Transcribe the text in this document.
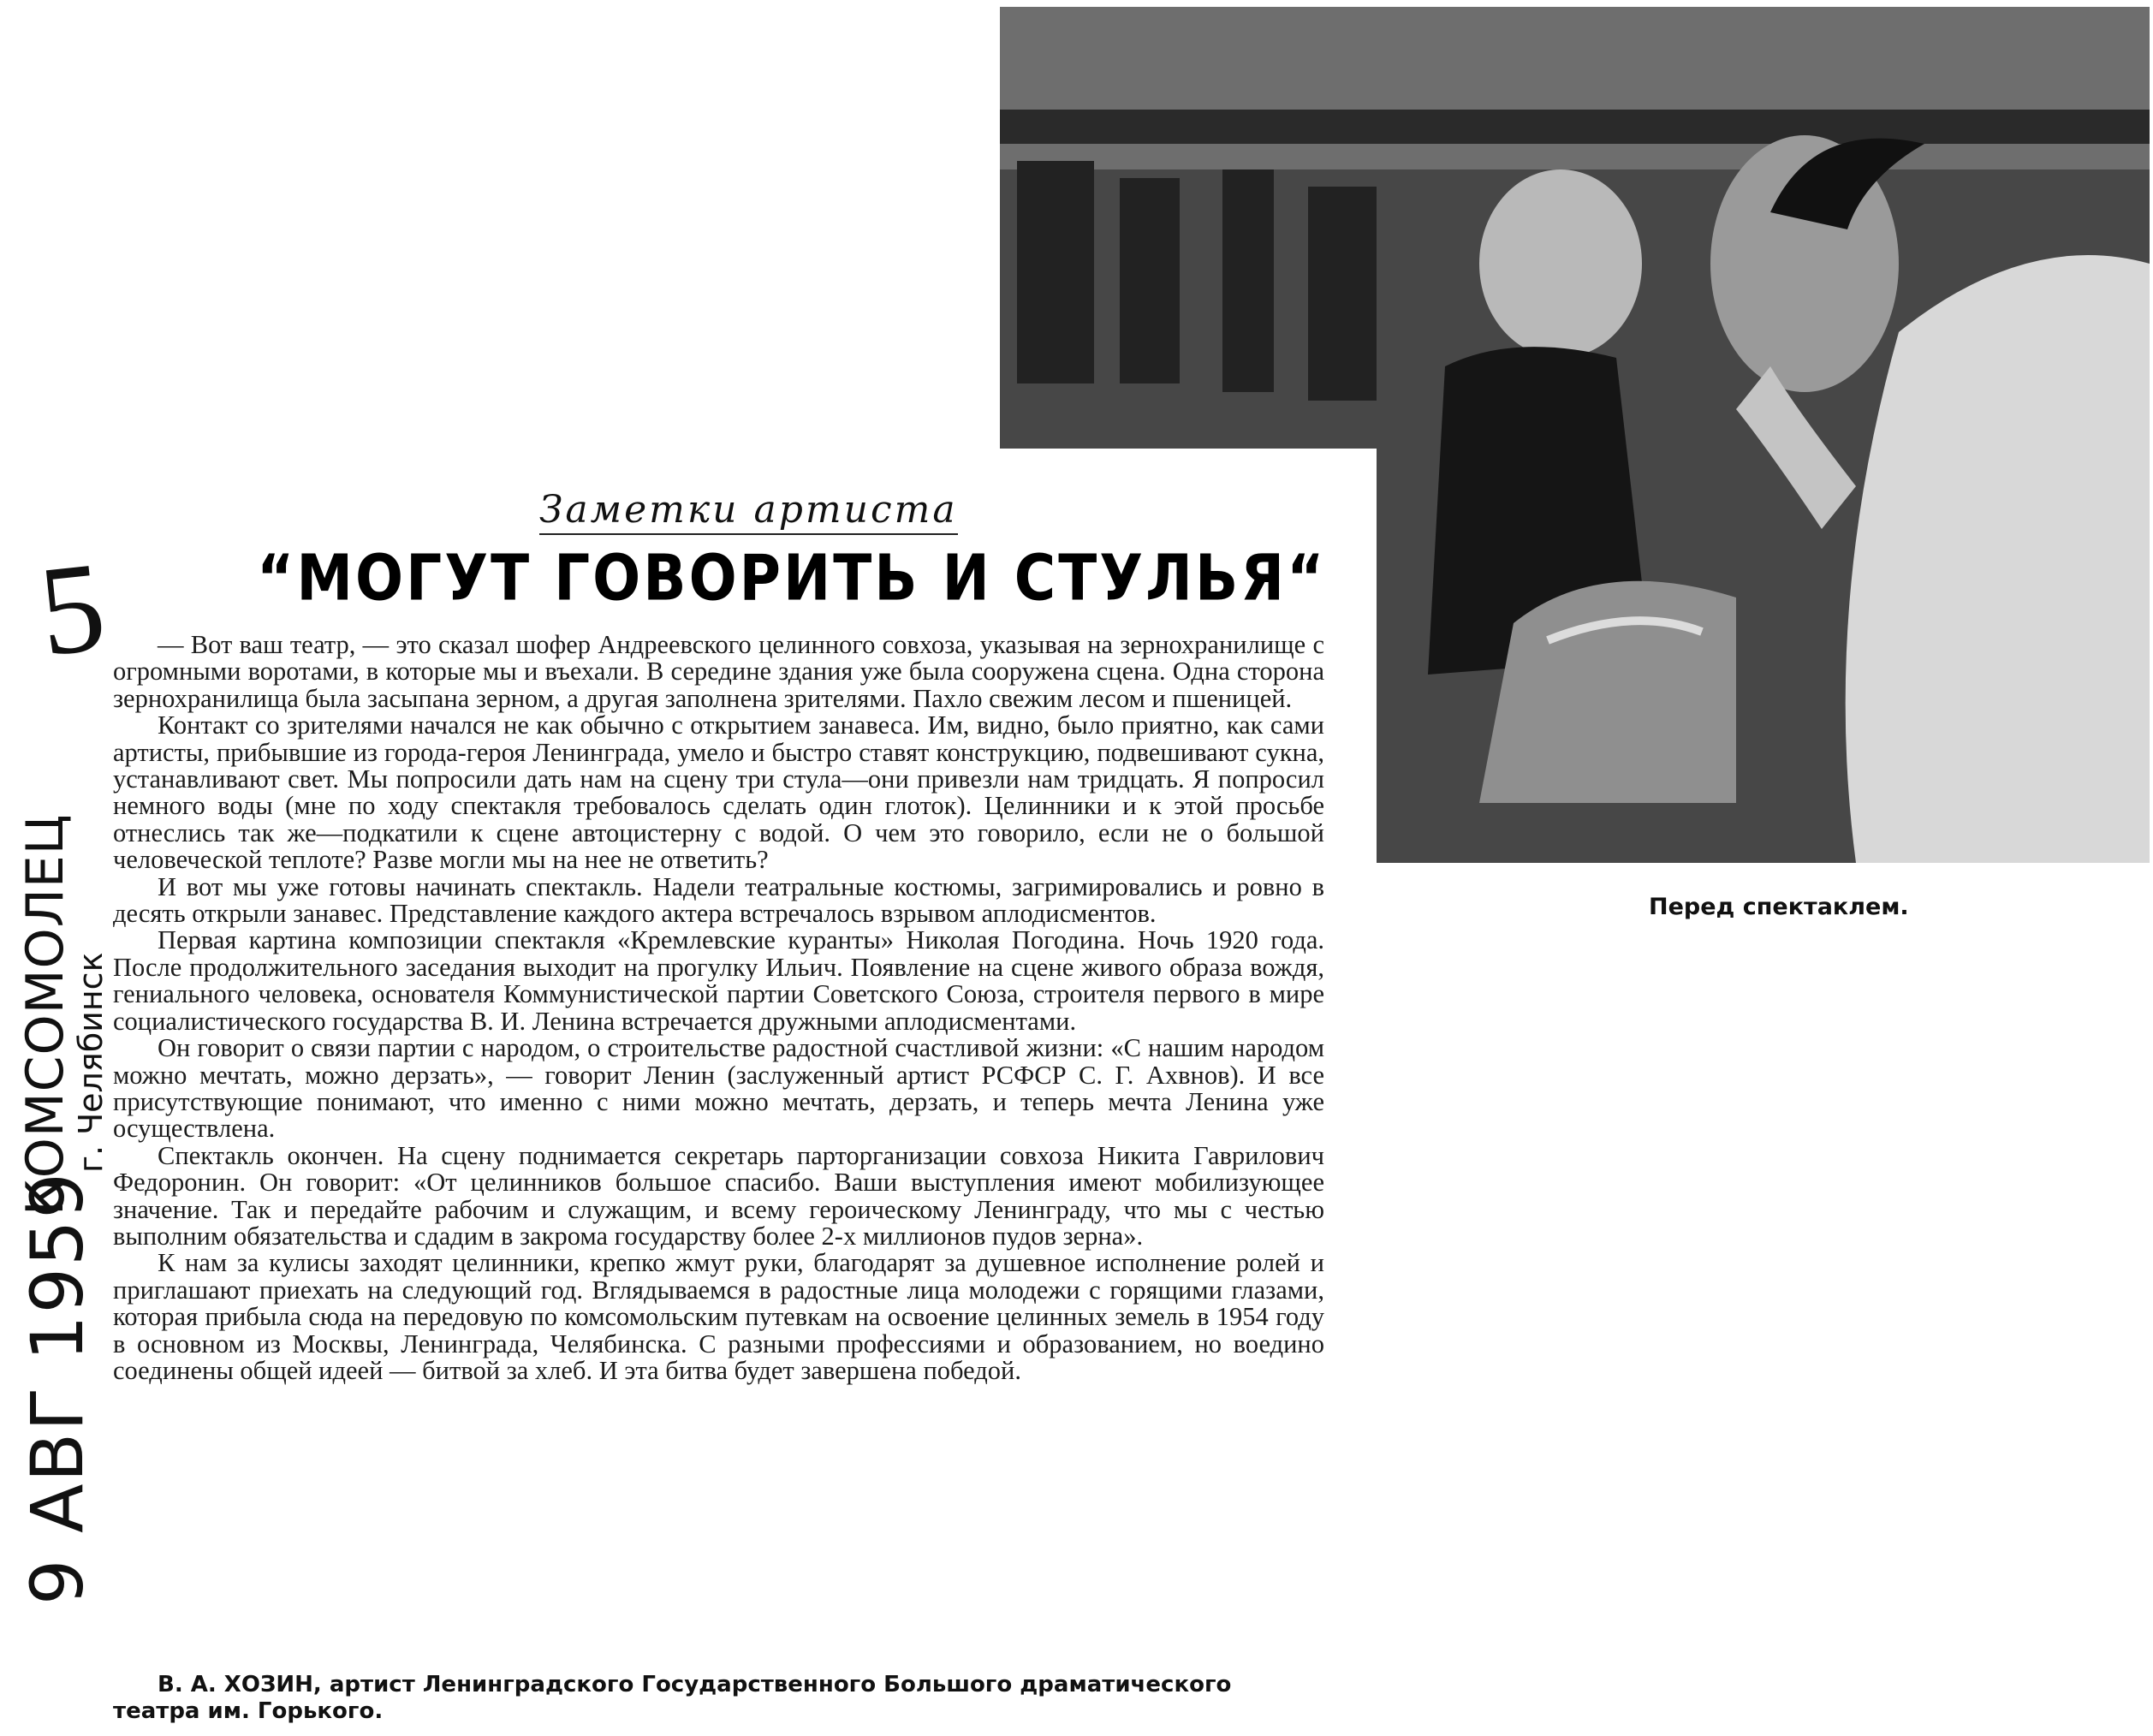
Перед спектаклем.
5
КОМСОМОЛЕЦ
г. Челябинск
9 АВГ 1959
Заметки артиста
“МОГУТ ГОВОРИТЬ И СТУЛЬЯ“

— Вот ваш театр, — это сказал шофер Андреевского целинного совхоза, указывая на зернохранилище с огромными воротами, в которые мы и въехали. В середине здания уже была сооружена сцена. Одна сторона зернохранилища была засыпана зерном, а другая заполнена зрителями. Пахло свежим лесом и пшеницей.

Контакт со зрителями начался не как обычно с открытием занавеса. Им, видно, было приятно, как сами артисты, прибывшие из города-героя Ленинграда, умело и быстро ставят конструкцию, подвешивают сукна, устанавливают свет. Мы попросили дать нам на сцену три стула—они привезли нам тридцать. Я попросил немного воды (мне по ходу спектакля требовалось сделать один глоток). Целинники и к этой просьбе отнеслись так же—подкатили к сцене автоцистерну с водой. О чем это говорило, если не о большой человеческой теплоте? Разве могли мы на нее не ответить?

И вот мы уже готовы начинать спектакль. Надели театральные костюмы, загримировались и ровно в десять открыли занавес. Представление каждого актера встречалось взрывом аплодисментов.

Первая картина композиции спектакля «Кремлевские куранты» Николая Погодина. Ночь 1920 года. После продолжительного заседания выходит на прогулку Ильич. Появление на сцене живого образа вождя, гениального человека, основателя Коммунистической партии Советского Союза, строителя первого в мире социалистического государства В. И. Ленина встречается дружными аплодисментами.

Он говорит о связи партии с народом, о строительстве радостной счастливой жизни: «С нашим народом можно мечтать, можно дерзать», — говорит Ленин (заслуженный артист РСФСР С. Г. Ахвнов). И все присутствующие понимают, что именно с ними можно мечтать, дерзать, и теперь мечта Ленина уже осуществлена.

Спектакль окончен. На сцену поднимается секретарь парторганизации совхоза Никита Гаврилович Федоронин. Он говорит: «От целинников большое спасибо. Ваши выступления имеют мобилизующее значение. Так и передайте рабочим и служащим, и всему героическому Ленинграду, что мы с честью выполним обязательства и сдадим в закрома государству более 2-х миллионов пудов зерна».

К нам за кулисы заходят целинники, крепко жмут руки, благодарят за душевное исполнение ролей и приглашают приехать на следующий год. Вглядываемся в радостные лица молодежи с горящими глазами, которая прибыла сюда на передовую по комсомольским путевкам на освоение целинных земель в 1954 году в основном из Москвы, Ленинграда, Челябинска. С разными профессиями и образованием, но воедино соединены общей идеей — битвой за хлеб. И эта битва будет завершена победой.

В. А. ХОЗИН, артист Ленинградского Государственного Большого драматического театра им. Горького.
